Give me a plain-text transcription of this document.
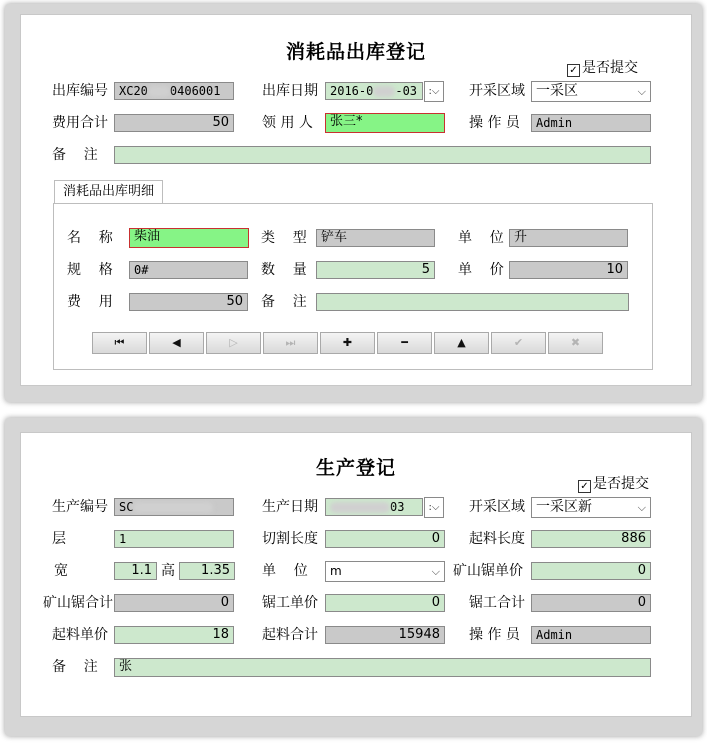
消耗品出库登记
✓ 是否提交
出库编号 XC20 0406001	出库日期	2016-0 -03	:⌵	开采区域 一采区	⌵
费用合计	50	领 用 人	张三*	操 作 员	Admin
备    注
消耗品出库明细
名    称	柴油	类    型	铲车	单    位 升
规    格	0#	数    量	5	单    价	10
费    用	50	备    注
⏮	◀	▷	⏭	✚	━	▲	✔	✖
生产登记
✓ 是否提交
生产编号 SC	生产日期	03	:⌵	开采区域 一采区新	⌵
层	1	切割长度	0	起料长度	886
宽	1.1 高	1.35	单    位	m	⌵ 矿山锯单价	0
矿山锯合计	0	锯工单价	0	锯工合计	0
起料单价	18	起料合计	15948	操 作 员	Admin
备    注	张
